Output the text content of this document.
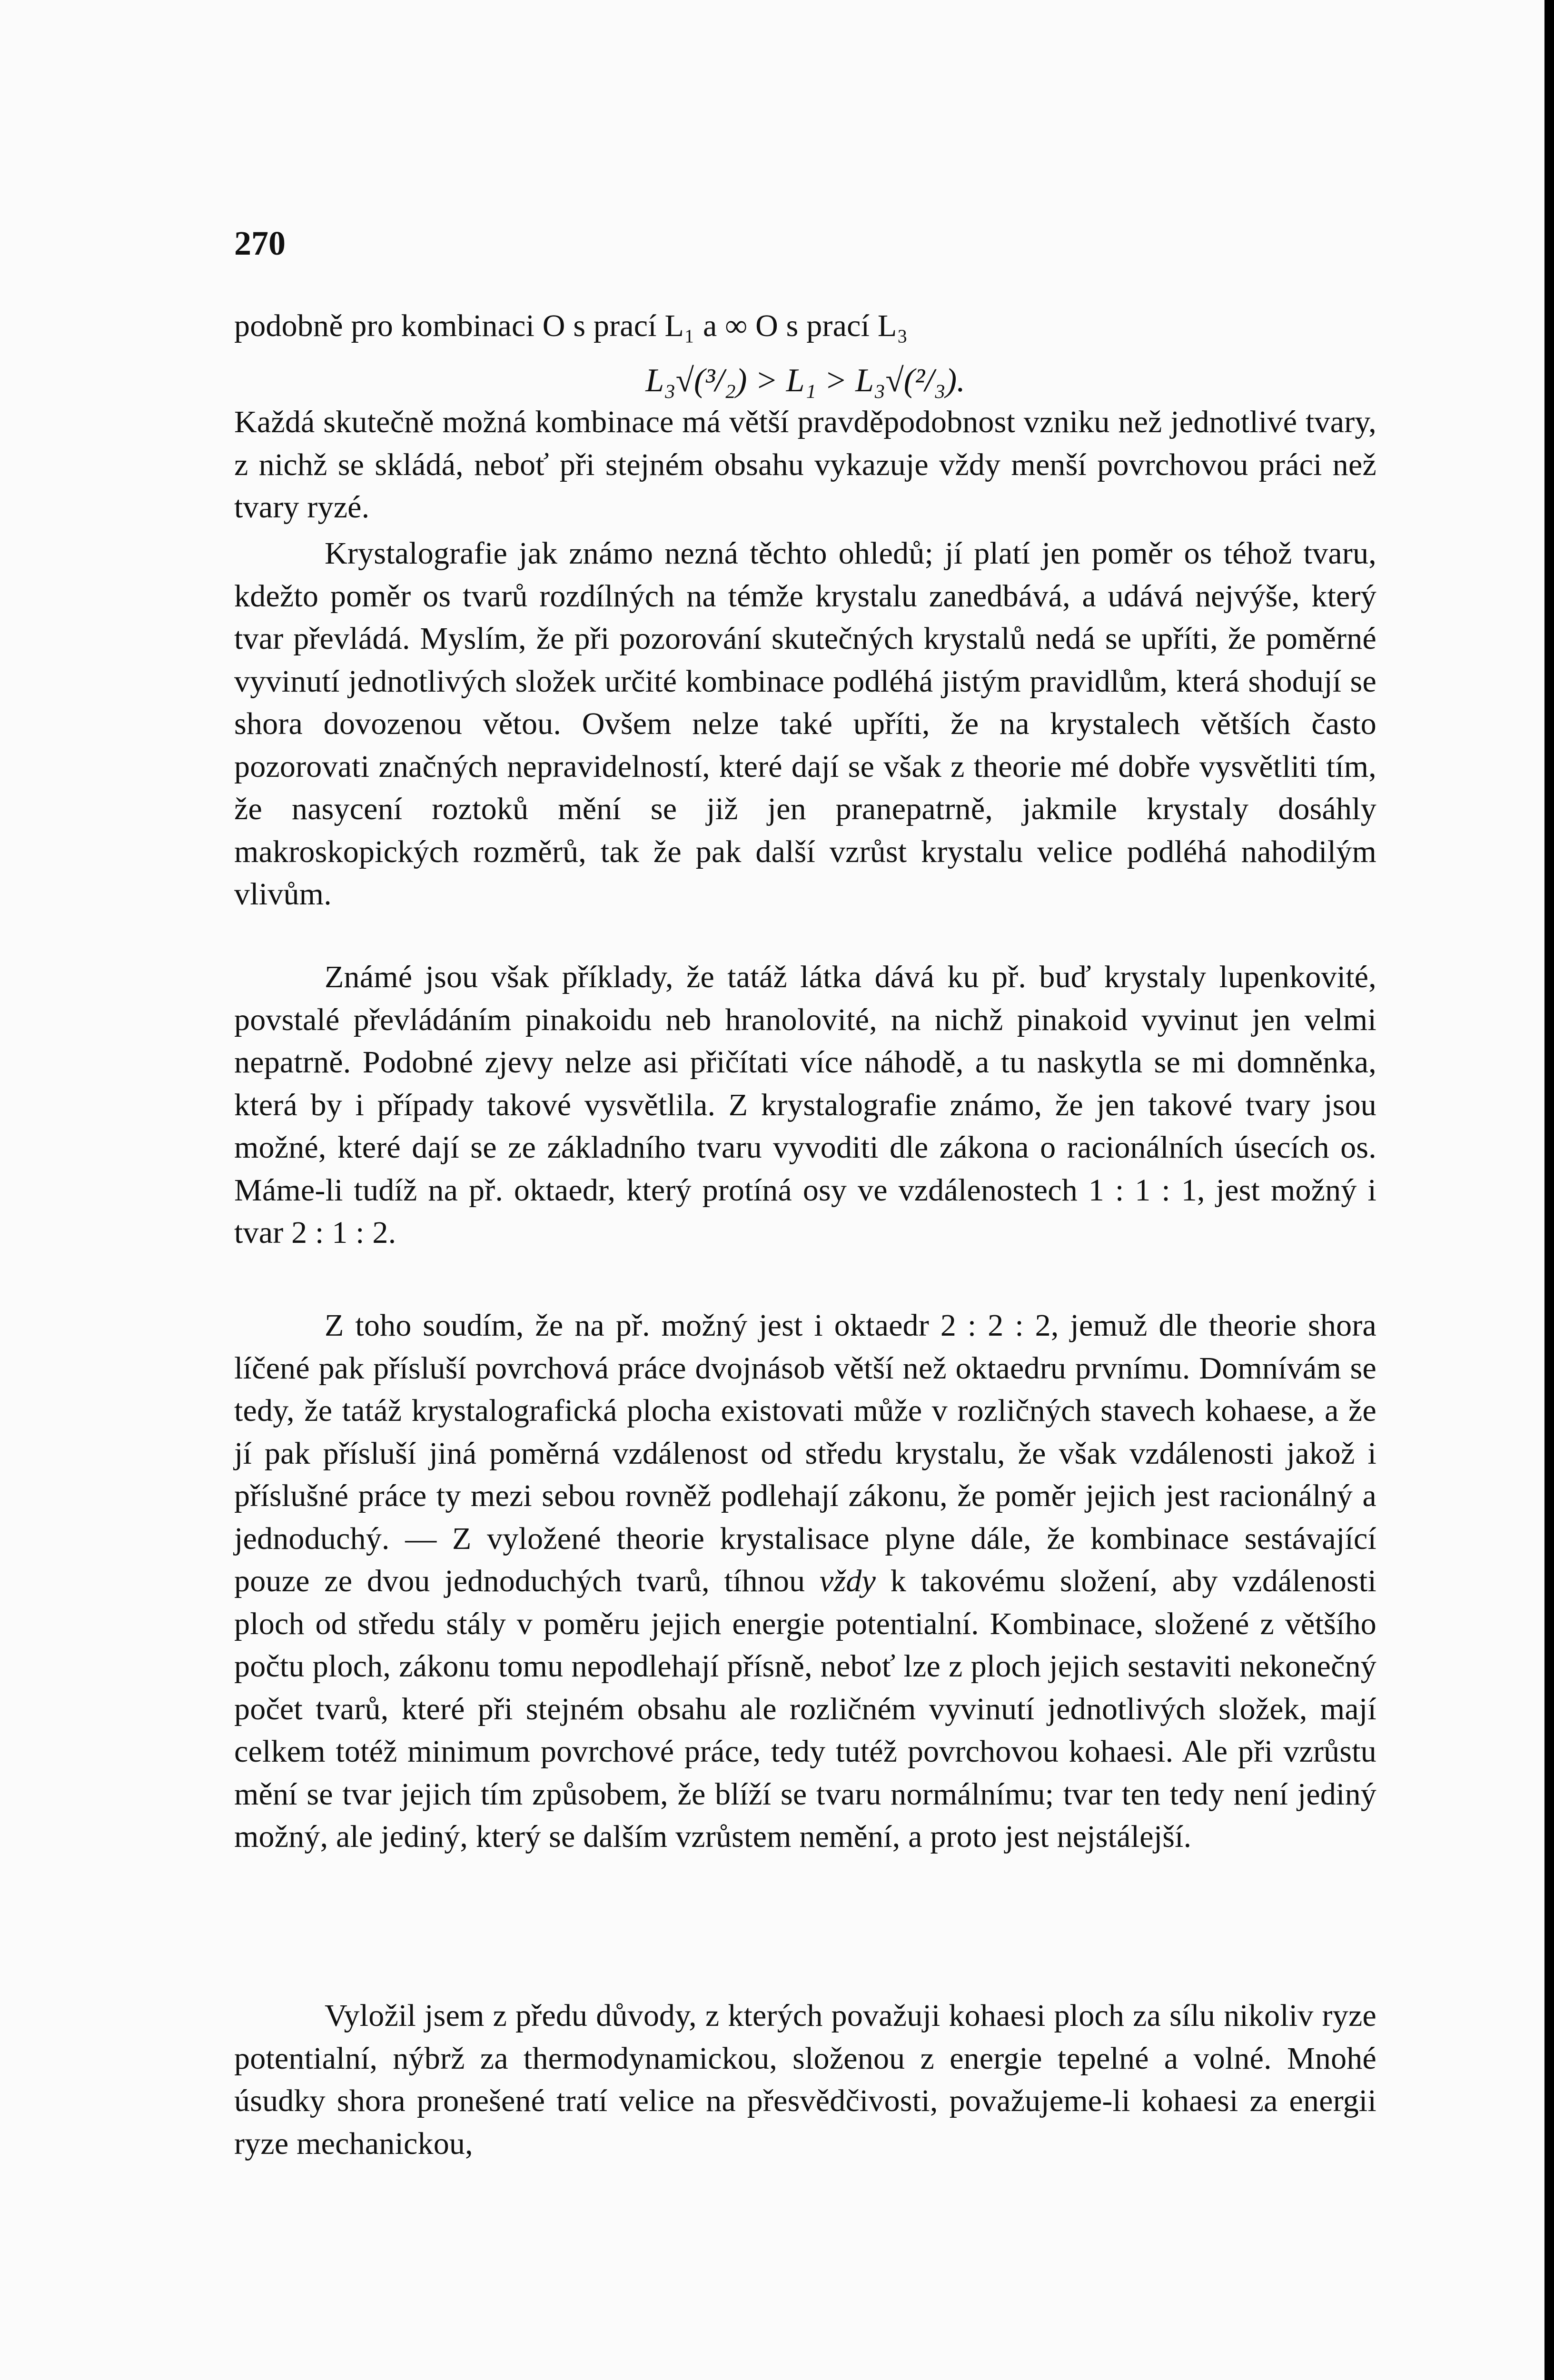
270
podobně pro kombinaci O s prací L₁ a ∞ O s prací L₃
L₃√(³/₂) > L₁ > L₃√(²/₃).
Každá skutečně možná kombinace má větší pravděpodobnost vzniku než jednotlivé tvary, z nichž se skládá, neboť při stejném obsahu vykazuje vždy menší povrchovou práci než tvary ryzé.
Krystalografie jak známo nezná těchto ohledů; jí platí jen poměr os téhož tvaru, kdežto poměr os tvarů rozdílných na témže krystalu zanedbává, a udává nejvýše, který tvar převládá. Myslím, že při pozorování skutečných krystalů nedá se upříti, že poměrné vyvinutí jednotlivých složek určité kombinace podléhá jistým pravidlům, která shodují se shora dovozenou větou. Ovšem nelze také upříti, že na krystalech větších často pozorovati značných nepravidelností, které dají se však z theorie mé dobře vysvětliti tím, že nasycení roztoků mění se již jen pranepatrně, jakmile krystaly dosáhly makroskopických rozměrů, tak že pak další vzrůst krystalu velice podléhá nahodilým vlivům.
Známé jsou však příklady, že tatáž látka dává ku př. buď krystaly lupenkovité, povstalé převládáním pinakoidu neb hranolovité, na nichž pinakoid vyvinut jen velmi nepatrně. Podobné zjevy nelze asi přičítati více náhodě, a tu naskytla se mi domněnka, která by i případy takové vysvětlila. Z krystalografie známo, že jen takové tvary jsou možné, které dají se ze základního tvaru vyvoditi dle zákona o racionálních úsecích os. Máme-li tudíž na př. oktaedr, který protíná osy ve vzdálenostech 1 : 1 : 1, jest možný i tvar 2 : 1 : 2.
Z toho soudím, že na př. možný jest i oktaedr 2 : 2 : 2, jemuž dle theorie shora líčené pak přísluší povrchová práce dvojnásob větší než oktaedru prvnímu. Domnívám se tedy, že tatáž krystalografická plocha existovati může v rozličných stavech kohaese, a že jí pak přísluší jiná poměrná vzdálenost od středu krystalu, že však vzdálenosti jakož i příslušné práce ty mezi sebou rovněž podlehají zákonu, že poměr jejich jest racionálný a jednoduchý. — Z vyložené theorie krystalisace plyne dále, že kombinace sestávající pouze ze dvou jednoduchých tvarů, tíhnou vždy k takovému složení, aby vzdálenosti ploch od středu stály v poměru jejich energie potentialní. Kombinace, složené z většího počtu ploch, zákonu tomu nepodlehají přísně, neboť lze z ploch jejich sestaviti nekonečný počet tvarů, které při stejném obsahu ale rozličném vyvinutí jednotlivých složek, mají celkem totéž minimum povrchové práce, tedy tutéž povrchovou kohaesi. Ale při vzrůstu mění se tvar jejich tím způsobem, že blíží se tvaru normálnímu; tvar ten tedy není jediný možný, ale jediný, který se dalším vzrůstem nemění, a proto jest nejstálejší.
Vyložil jsem z předu důvody, z kterých považuji kohaesi ploch za sílu nikoliv ryze potentialní, nýbrž za thermodynamickou, složenou z energie tepelné a volné. Mnohé úsudky shora pronešené tratí velice na přesvědčivosti, považujeme-li kohaesi za energii ryze mechanickou,
